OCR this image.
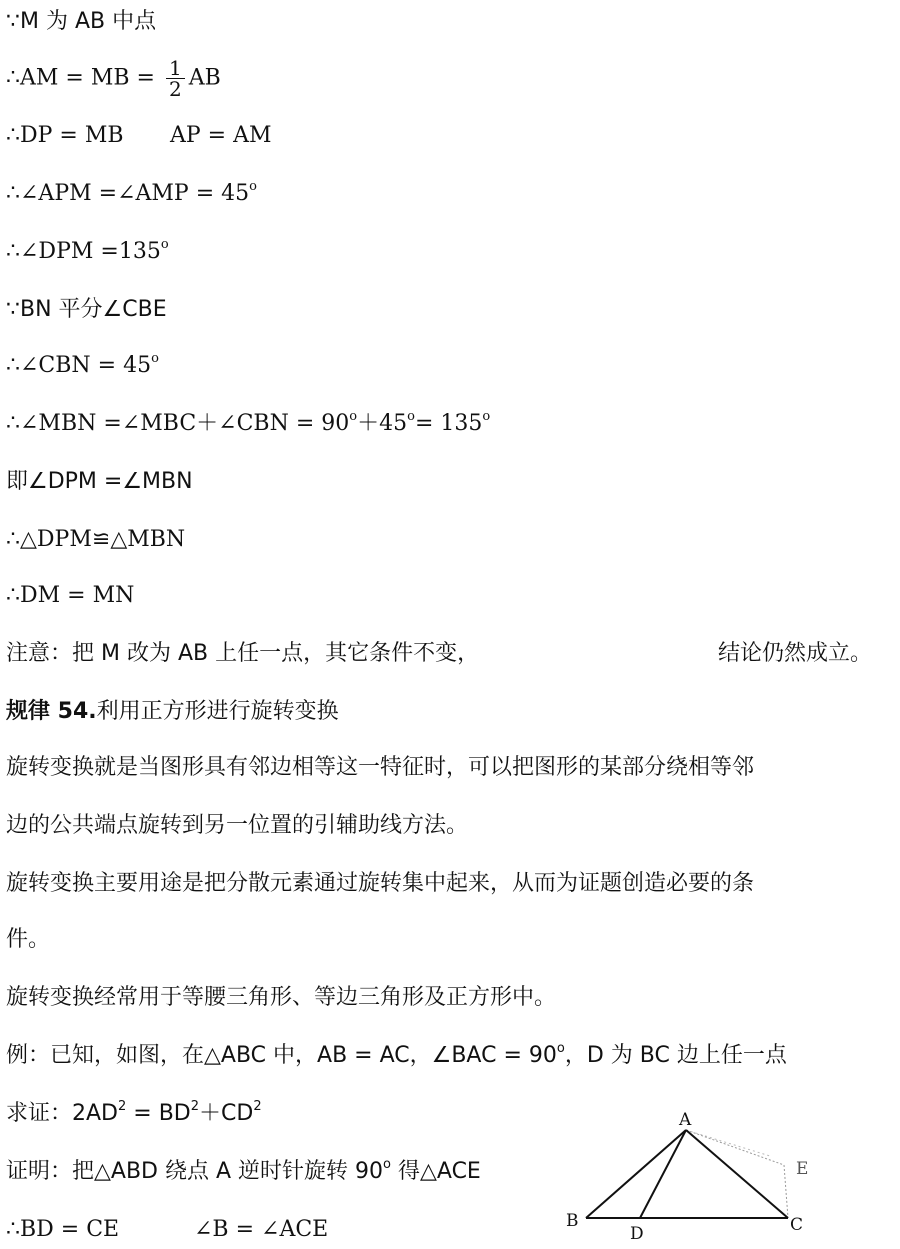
∵M 为 AB 中点
∴AM = MB = $\frac{1}{2}$ AB
∴DP = MB AP = AM
∴∠APM =∠AMP = $45^o$
∴∠DPM $=135^o$
∵BN 平分∠CBE
∴∠CBN = $45^o$
∴∠MBN =∠MBC＋∠CBN = $90^o+45^o= 135^o$
即∠DPM =∠MBN
∴△DPM≌△MBN
∴DM = MN
注意：把 M 改为 AB 上任一点，其它条件不变，	结论仍然成立。
规律 54.利用正方形进行旋转变换
旋转变换就是当图形具有邻边相等这一特征时，可以把图形的某部分绕相等邻
边的公共端点旋转到另一位置的引辅助线方法。
旋转变换主要用途是把分散元素通过旋转集中起来，从而为证题创造必要的条
件。
旋转变换经常用于等腰三角形、等边三角形及正方形中。
例：已知，如图，在△ABC 中，AB = AC，∠BAC = $90^o$，D 为 BC 边上任一点
求证：$2AD^2 = BD^2+CD^2$
证明：把△ABD 绕点 A 逆时针旋转 90$^o$ 得△ACE
∴BD = CE	∠B = ∠ACE
A
B	C
D
E
